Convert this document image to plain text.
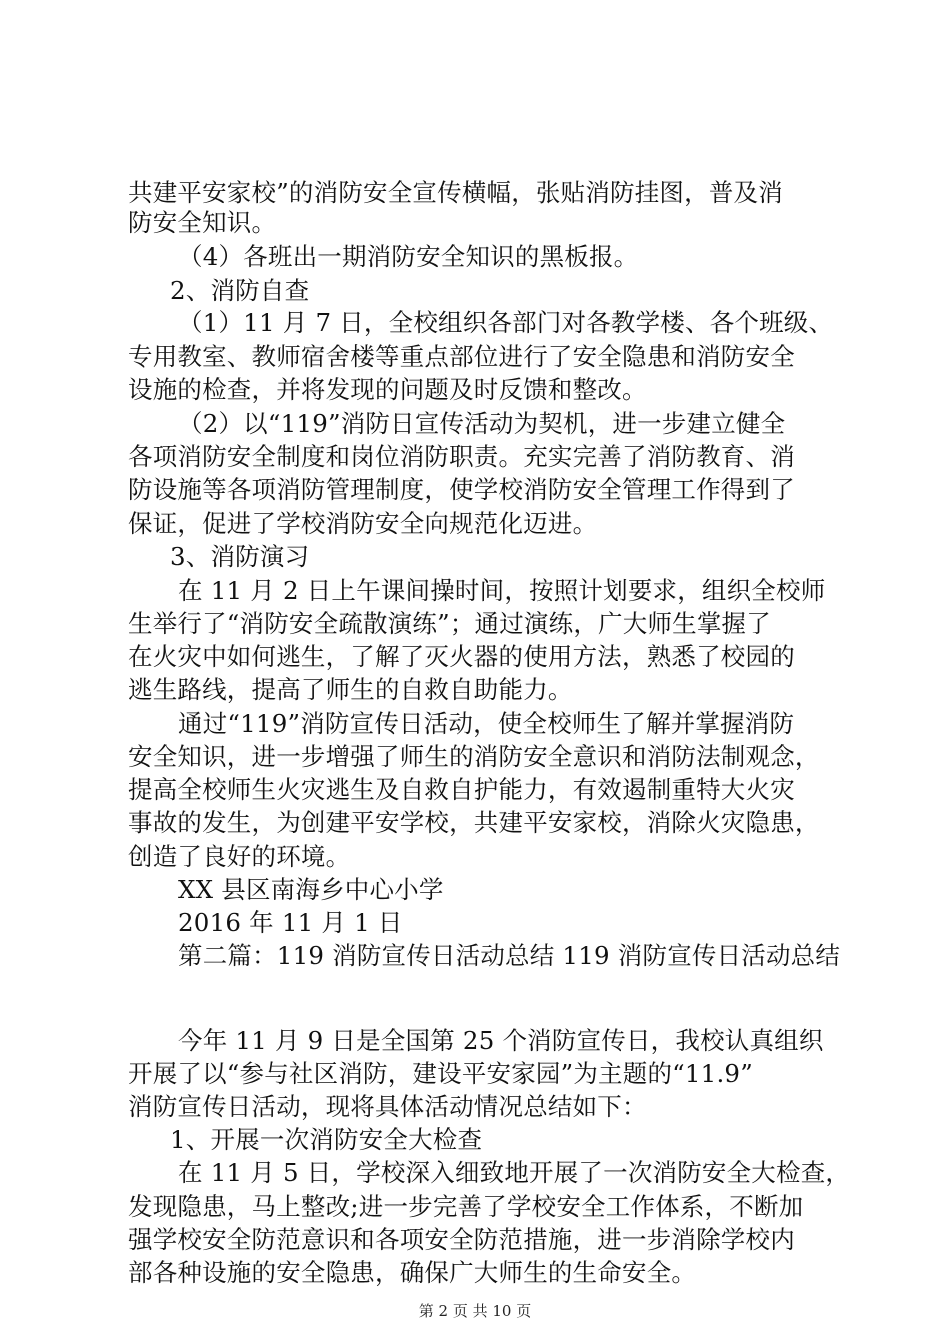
共建平安家校”的消防安全宣传横幅，张贴消防挂图，普及消
防安全知识。
（4）各班出一期消防安全知识的黑板报。
2、消防自查
（1）11 月 7 日，全校组织各部门对各教学楼、各个班级、
专用教室、教师宿舍楼等重点部位进行了安全隐患和消防安全
设施的检查，并将发现的问题及时反馈和整改。
（2）以“119”消防日宣传活动为契机，进一步建立健全
各项消防安全制度和岗位消防职责。充实完善了消防教育、消
防设施等各项消防管理制度，使学校消防安全管理工作得到了
保证，促进了学校消防安全向规范化迈进。
3、消防演习
在 11 月 2 日上午课间操时间，按照计划要求，组织全校师
生举行了“消防安全疏散演练”；通过演练，广大师生掌握了
在火灾中如何逃生，了解了灭火器的使用方法，熟悉了校园的
逃生路线，提高了师生的自救自助能力。
通过“119”消防宣传日活动，使全校师生了解并掌握消防
安全知识，进一步增强了师生的消防安全意识和消防法制观念，
提高全校师生火灾逃生及自救自护能力，有效遏制重特大火灾
事故的发生，为创建平安学校，共建平安家校，消除火灾隐患，
创造了良好的环境。
XX 县区南海乡中心小学
2016 年 11 月 1 日
第二篇：119 消防宣传日活动总结 119 消防宣传日活动总结
今年 11 月 9 日是全国第 25 个消防宣传日，我校认真组织
开展了以“参与社区消防，建设平安家园”为主题的“11.9”
消防宣传日活动，现将具体活动情况总结如下：
1、开展一次消防安全大检查
在 11 月 5 日，学校深入细致地开展了一次消防安全大检查，
发现隐患，马上整改;进一步完善了学校安全工作体系，不断加
强学校安全防范意识和各项安全防范措施，进一步消除学校内
部各种设施的安全隐患，确保广大师生的生命安全。
第 2 页 共 10 页
